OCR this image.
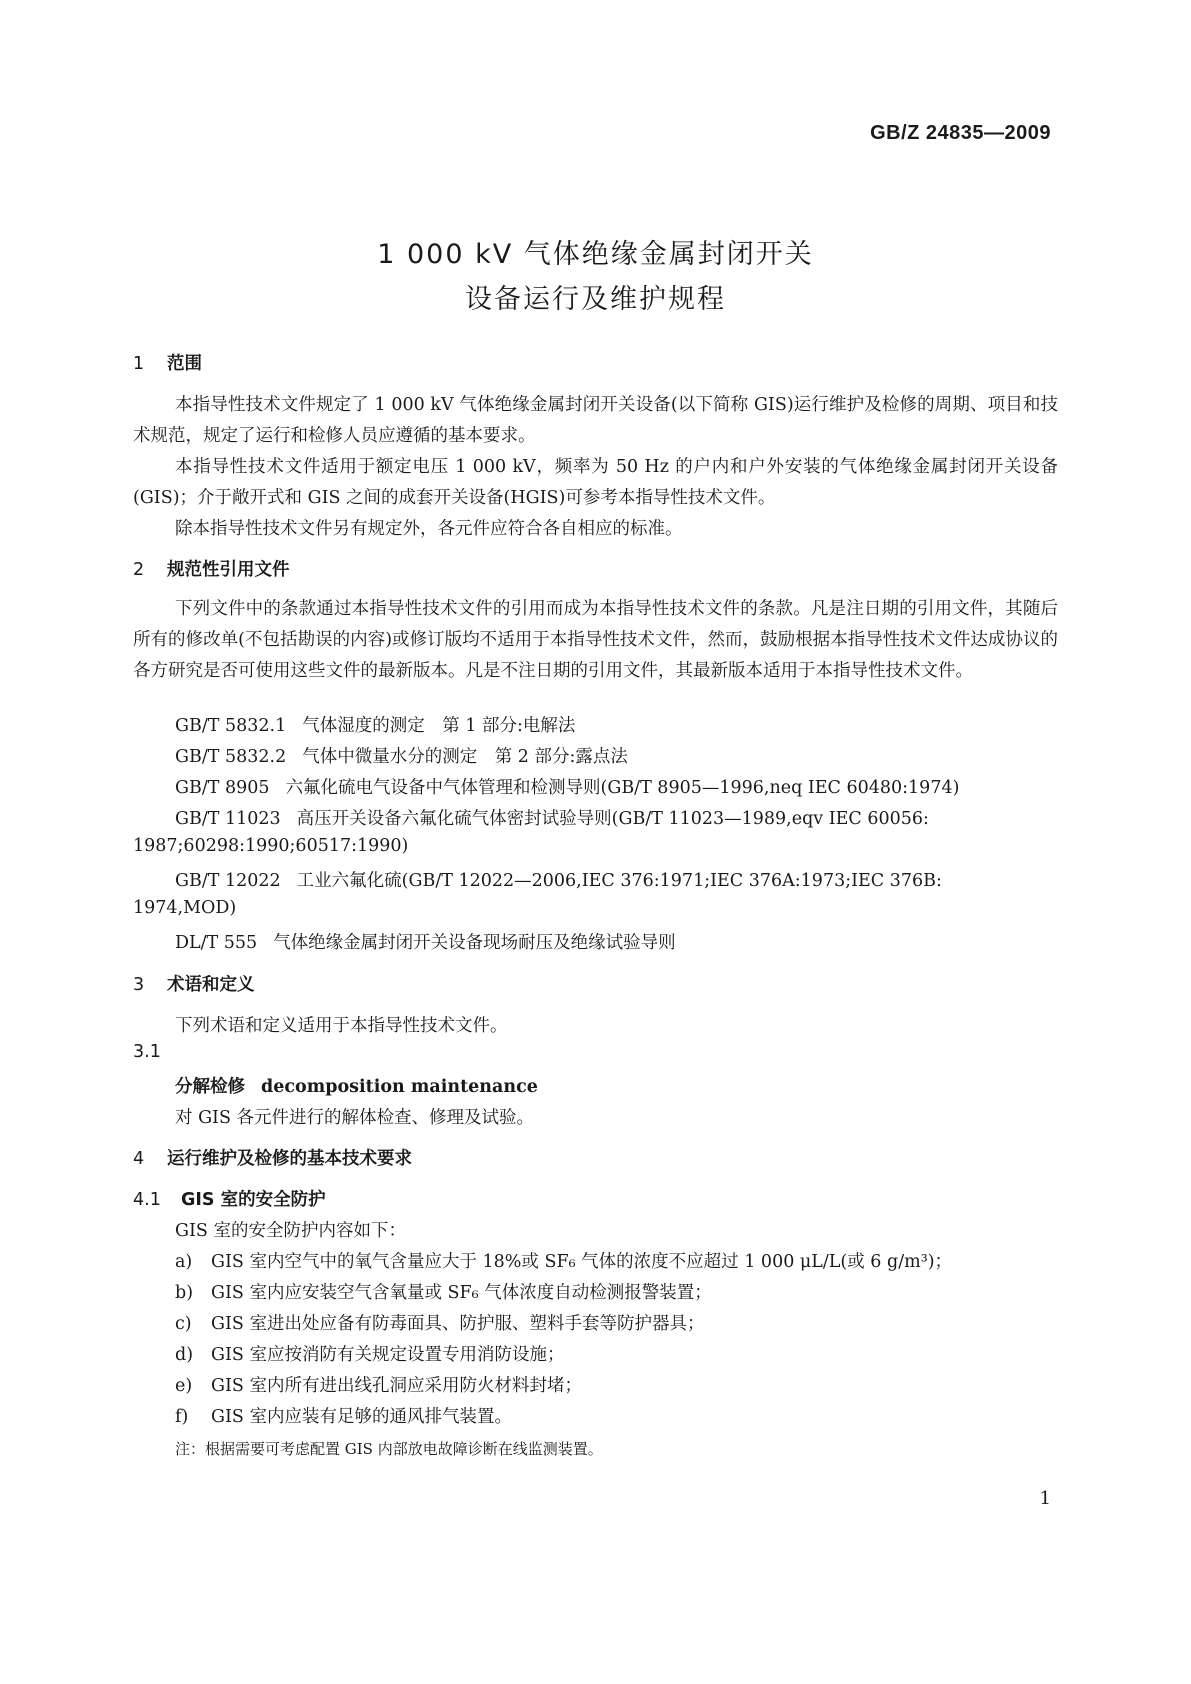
GB/Z 24835—2009
1 000 kV 气体绝缘金属封闭开关
设备运行及维护规程
1 范围
本指导性技术文件规定了 1 000 kV 气体绝缘金属封闭开关设备(以下简称 GIS)运行维护及检修的周期、项目和技术规范，规定了运行和检修人员应遵循的基本要求。
本指导性技术文件适用于额定电压 1 000 kV，频率为 50 Hz 的户内和户外安装的气体绝缘金属封闭开关设备(GIS)；介于敞开式和 GIS 之间的成套开关设备(HGIS)可参考本指导性技术文件。
除本指导性技术文件另有规定外，各元件应符合各自相应的标准。
2 规范性引用文件
下列文件中的条款通过本指导性技术文件的引用而成为本指导性技术文件的条款。凡是注日期的引用文件，其随后所有的修改单(不包括勘误的内容)或修订版均不适用于本指导性技术文件，然而，鼓励根据本指导性技术文件达成协议的各方研究是否可使用这些文件的最新版本。凡是不注日期的引用文件，其最新版本适用于本指导性技术文件。
GB/T 5832.1 气体湿度的测定　第 1 部分:电解法
GB/T 5832.2 气体中微量水分的测定　第 2 部分:露点法
GB/T 8905 六氟化硫电气设备中气体管理和检测导则(GB/T 8905—1996,neq IEC 60480:1974)
GB/T 11023 高压开关设备六氟化硫气体密封试验导则(GB/T 11023—1989,eqv IEC 60056:
1987;60298:1990;60517:1990)
GB/T 12022 工业六氟化硫(GB/T 12022—2006,IEC 376:1971;IEC 376A:1973;IEC 376B:
1974,MOD)
DL/T 555 气体绝缘金属封闭开关设备现场耐压及绝缘试验导则
3 术语和定义
下列术语和定义适用于本指导性技术文件。
3.1
分解检修 decomposition maintenance
对 GIS 各元件进行的解体检查、修理及试验。
4 运行维护及检修的基本技术要求
4.1 GIS 室的安全防护
GIS 室的安全防护内容如下：
a) GIS 室内空气中的氧气含量应大于 18%或 SF₆ 气体的浓度不应超过 1 000 μL/L(或 6 g/m³)；
b) GIS 室内应安装空气含氧量或 SF₆ 气体浓度自动检测报警装置；
c) GIS 室进出处应备有防毒面具、防护服、塑料手套等防护器具；
d) GIS 室应按消防有关规定设置专用消防设施；
e) GIS 室内所有进出线孔洞应采用防火材料封堵；
f) GIS 室内应装有足够的通风排气装置。
注：根据需要可考虑配置 GIS 内部放电故障诊断在线监测装置。
1
